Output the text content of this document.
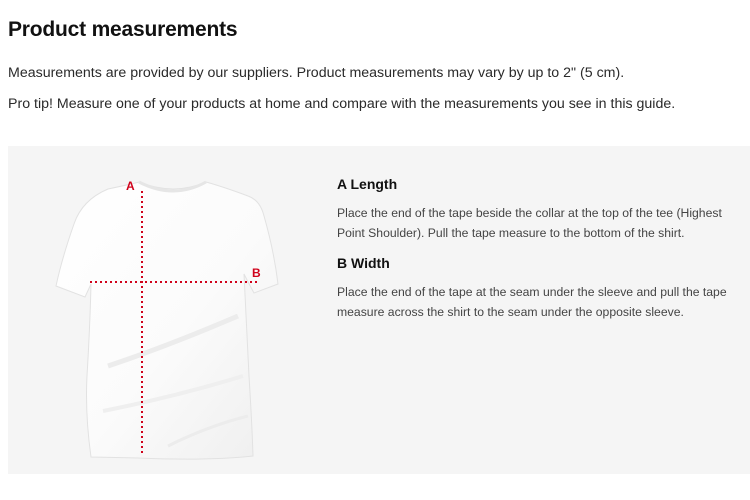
Product measurements

Measurements are provided by our suppliers. Product measurements may vary by up to 2" (5 cm).

Pro tip! Measure one of your products at home and compare with the measurements you see in this guide.

A
B
A Length

Place the end of the tape beside the collar at the top of the tee (Highest Point Shoulder). Pull the tape measure to the bottom of the shirt.

B Width

Place the end of the tape at the seam under the sleeve and pull the tape measure across the shirt to the seam under the opposite sleeve.
